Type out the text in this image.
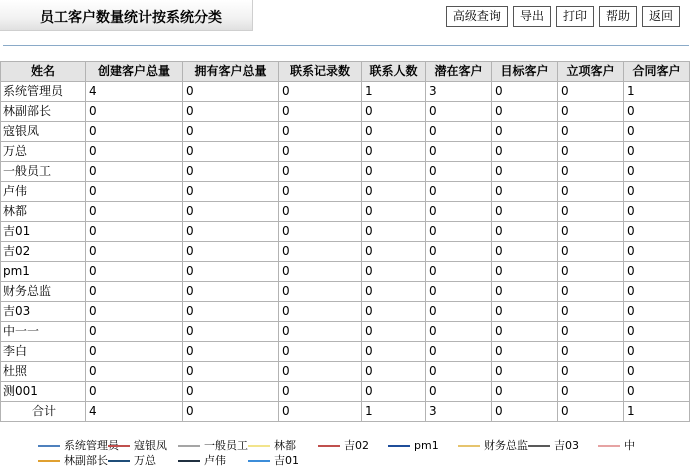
员工客户数量统计按系统分类	高级查询	导出	打印	帮助	返回
姓名	创建客户总量	拥有客户总量	联系记录数	联系人数	潜在客户	目标客户	立项客户	合同客户
系统管理员	4	0	0	1	3	0	0	1
林副部长	0	0	0	0	0	0	0	0
寇银凤	0	0	0	0	0	0	0	0
万总	0	0	0	0	0	0	0	0
一般员工	0	0	0	0	0	0	0	0
卢伟	0	0	0	0	0	0	0	0
林都	0	0	0	0	0	0	0	0
吉01	0	0	0	0	0	0	0	0
吉02	0	0	0	0	0	0	0	0
pm1	0	0	0	0	0	0	0	0
财务总监	0	0	0	0	0	0	0	0
吉03	0	0	0	0	0	0	0	0
中一一	0	0	0	0	0	0	0	0
李白	0	0	0	0	0	0	0	0
杜照	0	0	0	0	0	0	0	0
测001	0	0	0	0	0	0	0	0
合计	4	0	0	1	3	0	0	1
系统管理员 寇银凤	一般员工 林都	吉02	pm1	财务总监 吉03	中
林副部长 万总	卢伟	吉01
